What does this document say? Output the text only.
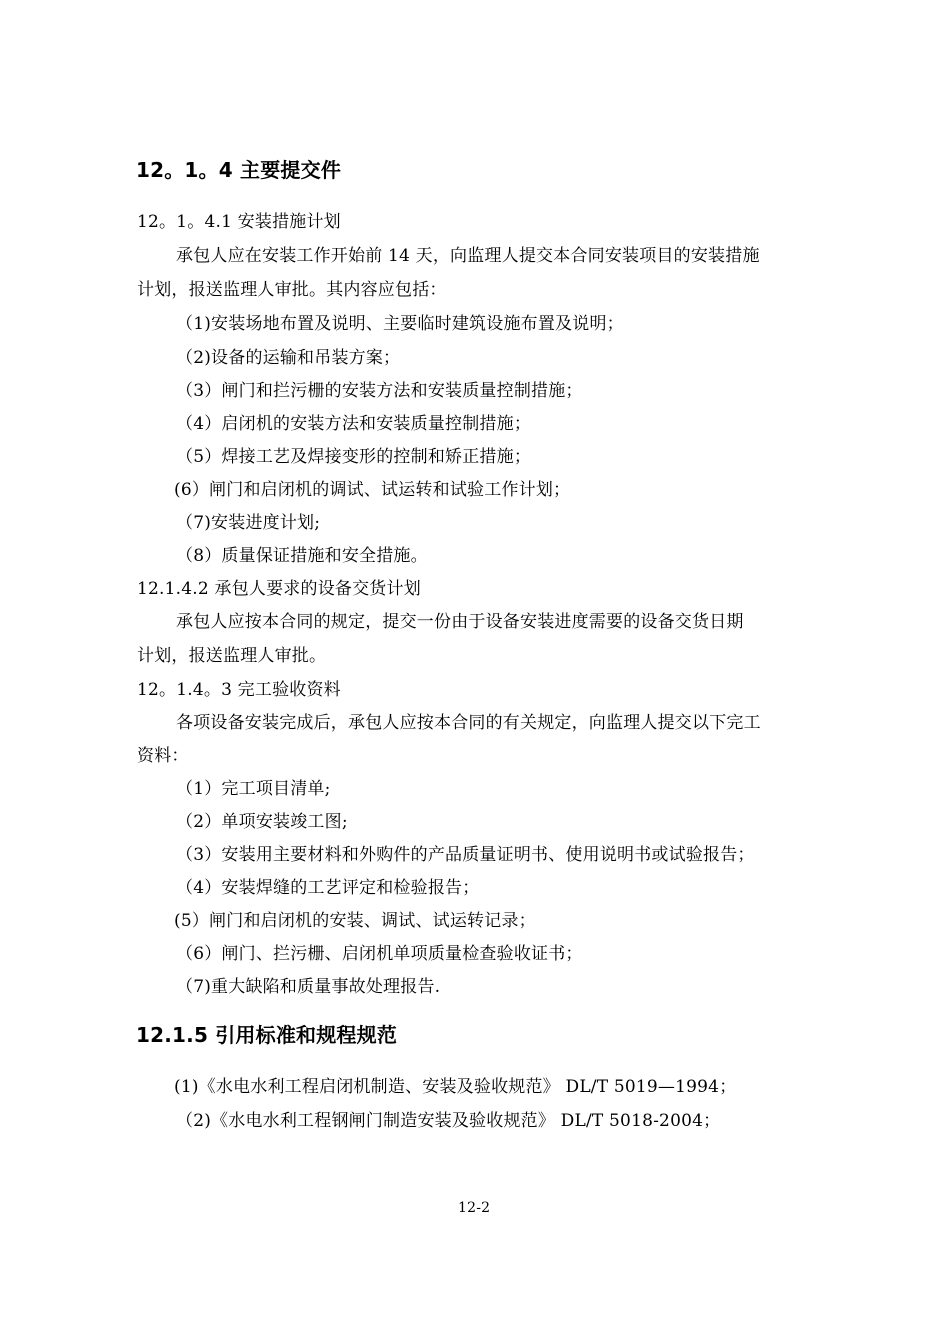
12。1。4 主要提交件
12。1。4.1 安装措施计划
承包人应在安装工作开始前 14 天，向监理人提交本合同安装项目的安装措施
计划，报送监理人审批。其内容应包括：
（1)安装场地布置及说明、主要临时建筑设施布置及说明；
（2)设备的运输和吊装方案；
（3）闸门和拦污栅的安装方法和安装质量控制措施；
（4）启闭机的安装方法和安装质量控制措施；
（5）焊接工艺及焊接变形的控制和矫正措施；
(6）闸门和启闭机的调试、试运转和试验工作计划；
（7)安装进度计划;
（8）质量保证措施和安全措施。
12.1.4.2 承包人要求的设备交货计划
承包人应按本合同的规定，提交一份由于设备安装进度需要的设备交货日期
计划，报送监理人审批。
12。1.4。3 完工验收资料
各项设备安装完成后，承包人应按本合同的有关规定，向监理人提交以下完工
资料：
（1）完工项目清单;
（2）单项安装竣工图;
（3）安装用主要材料和外购件的产品质量证明书、使用说明书或试验报告；
（4）安装焊缝的工艺评定和检验报告；
(5）闸门和启闭机的安装、调试、试运转记录；
（6）闸门、拦污栅、启闭机单项质量检查验收证书；
（7)重大缺陷和质量事故处理报告.
12.1.5 引用标准和规程规范
(1)《水电水利工程启闭机制造、安装及验收规范》 DL/T 5019—1994；
（2)《水电水利工程钢闸门制造安装及验收规范》 DL/T 5018-2004；
12-2
